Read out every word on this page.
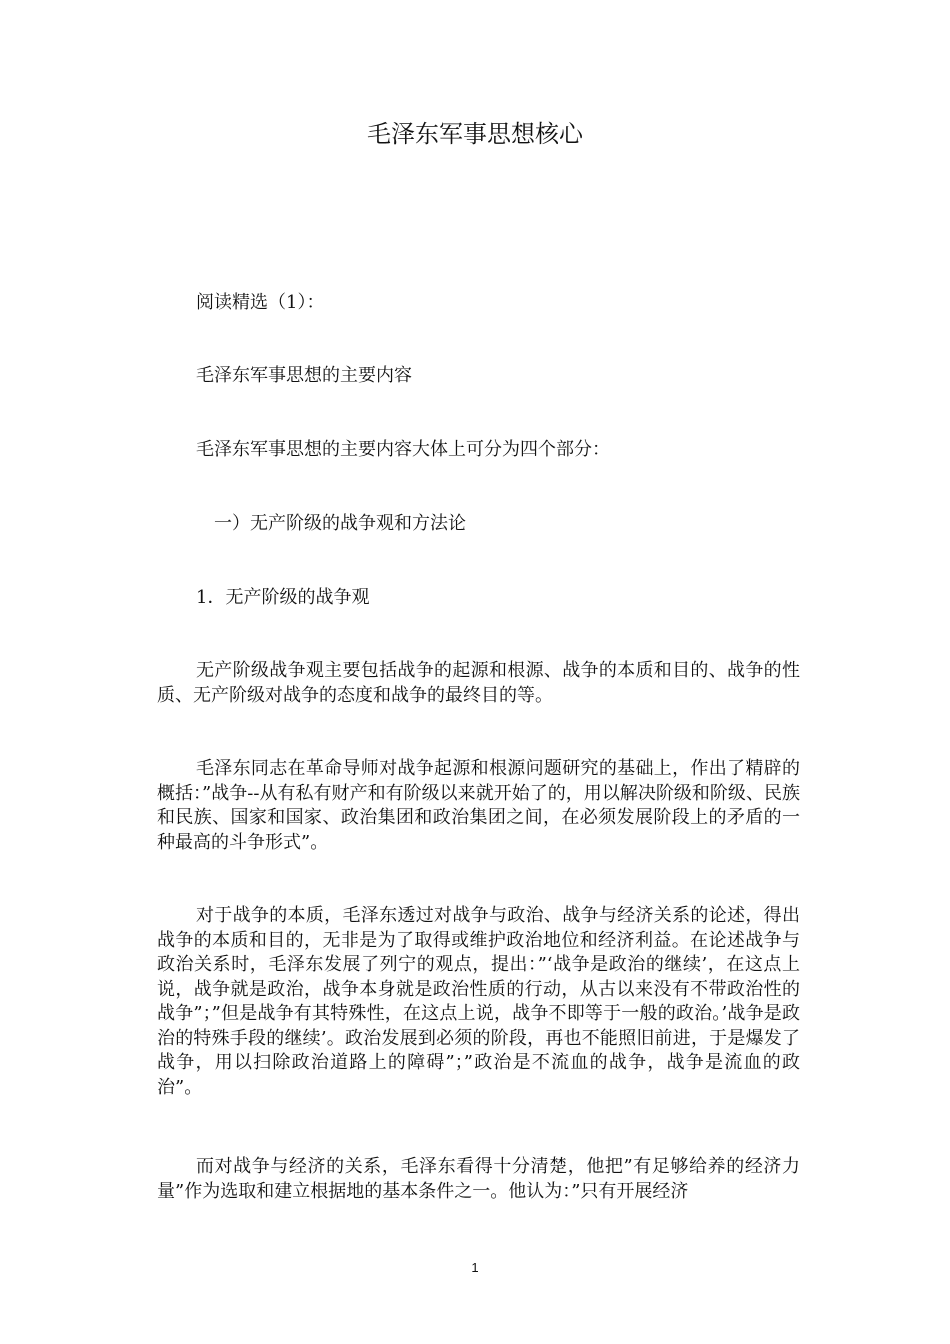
毛泽东军事思想核心
阅读精选（1）：
毛泽东军事思想的主要内容
毛泽东军事思想的主要内容大体上可分为四个部分：
一）无产阶级的战争观和方法论
1．无产阶级的战争观

无产阶级战争观主要包括战争的起源和根源、战争的本质和目的、战争的性质、无产阶级对战争的态度和战争的最终目的等。

毛泽东同志在革命导师对战争起源和根源问题研究的基础上，作出了精辟的概括：”战争--从有私有财产和有阶级以来就开始了的，用以解决阶级和阶级、民族和民族、国家和国家、政治集团和政治集团之间，在必须发展阶段上的矛盾的一种最高的斗争形式”。

对于战争的本质，毛泽东透过对战争与政治、战争与经济关系的论述，得出战争的本质和目的，无非是为了取得或维护政治地位和经济利益。在论述战争与政治关系时，毛泽东发展了列宁的观点，提出：”‘战争是政治的继续’，在这点上说，战争就是政治，战争本身就是政治性质的行动，从古以来没有不带政治性的战争”；”但是战争有其特殊性，在这点上说，战争不即等于一般的政治。’战争是政治的特殊手段的继续’。政治发展到必须的阶段，再也不能照旧前进，于是爆发了战争，用以扫除政治道路上的障碍”；”政治是不流血的战争，战争是流血的政治”。

而对战争与经济的关系，毛泽东看得十分清楚，他把”有足够给养的经济力量”作为选取和建立根据地的基本条件之一。他认为：”只有开展经济

1
